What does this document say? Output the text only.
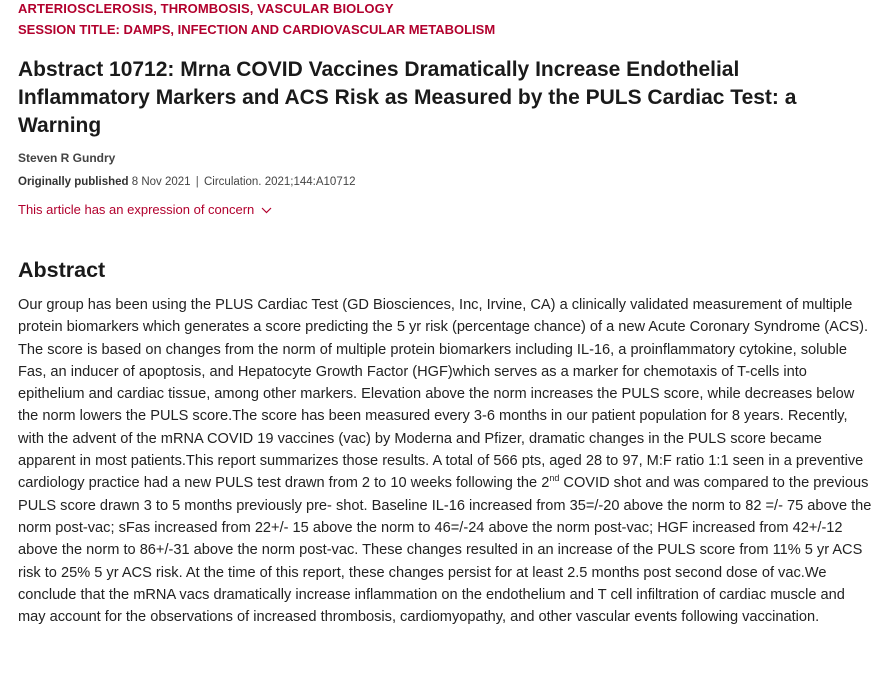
ARTERIOSCLEROSIS, THROMBOSIS, VASCULAR BIOLOGY
SESSION TITLE: DAMPS, INFECTION AND CARDIOVASCULAR METABOLISM
Abstract 10712: Mrna COVID Vaccines Dramatically Increase Endothelial Inflammatory Markers and ACS Risk as Measured by the PULS Cardiac Test: a Warning
Steven R Gundry
Originally published 8 Nov 2021 | Circulation. 2021;144:A10712
This article has an expression of concern
Abstract

Our group has been using the PLUS Cardiac Test (GD Biosciences, Inc, Irvine, CA) a clinically validated measurement of multiple protein biomarkers which generates a score predicting the 5 yr risk (percentage chance) of a new Acute Coronary Syndrome (ACS). The score is based on changes from the norm of multiple protein biomarkers including IL-16, a proinflammatory cytokine, soluble Fas, an inducer of apoptosis, and Hepatocyte Growth Factor (HGF)which serves as a marker for chemotaxis of T-cells into epithelium and cardiac tissue, among other markers. Elevation above the norm increases the PULS score, while decreases below the norm lowers the PULS score.The score has been measured every 3-6 months in our patient population for 8 years. Recently, with the advent of the mRNA COVID 19 vaccines (vac) by Moderna and Pfizer, dramatic changes in the PULS score became apparent in most patients.This report summarizes those results. A total of 566 pts, aged 28 to 97, M:F ratio 1:1 seen in a preventive cardiology practice had a new PULS test drawn from 2 to 10 weeks following the 2nd COVID shot and was compared to the previous PULS score drawn 3 to 5 months previously pre- shot. Baseline IL-16 increased from 35=/-20 above the norm to 82 =/- 75 above the norm post-vac; sFas increased from 22+/- 15 above the norm to 46=/-24 above the norm post-vac; HGF increased from 42+/-12 above the norm to 86+/-31 above the norm post-vac. These changes resulted in an increase of the PULS score from 11% 5 yr ACS risk to 25% 5 yr ACS risk. At the time of this report, these changes persist for at least 2.5 months post second dose of vac.We conclude that the mRNA vacs dramatically increase inflammation on the endothelium and T cell infiltration of cardiac muscle and may account for the observations of increased thrombosis, cardiomyopathy, and other vascular events following vaccination.
